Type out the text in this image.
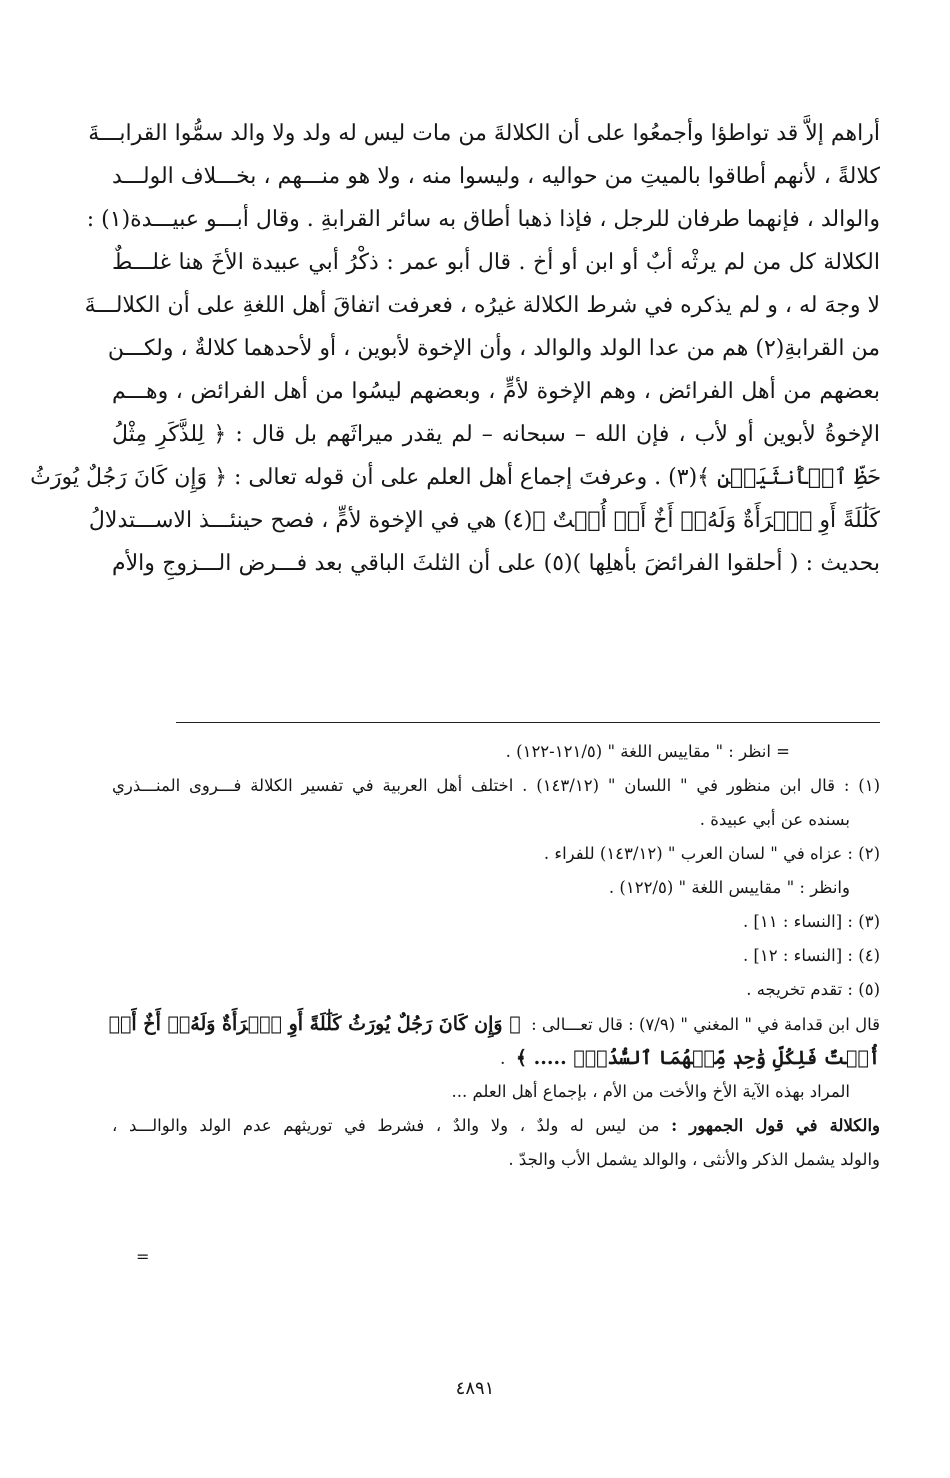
أراهم إلاَّ قد تواطؤا وأجمعُوا على أن الكلالةَ من مات ليس له ولد ولا والد سمُّوا القرابـــةَ
كلالةً ، لأنهم أطاقوا بالميتِ من حواليه ، وليسوا منه ، ولا هو منـــهم ، بخـــلاف الولـــد
والوالد ، فإنهما طرفان للرجل ، فإذا ذهبا أطاق به سائر القرابةِ . وقال أبـــو عبيـــدة(١) :
الكلالة كل من لم يرثْه أبٌ أو ابن أو أخ . قال أبو عمر : ذكْرُ أبي عبيدة الأخَ هنا غلـــطٌ
لا وجهَ له ، و لم يذكره في شرط الكلالة غيرُه ، فعرفت اتفاقَ أهل اللغةِ على أن الكلالـــةَ
من القرابةِ(٢) هم من عدا الولد والوالد ، وأن الإخوة لأبوين ، أو لأحدهما كلالةٌ ، ولكـــن
بعضهم من أهل الفرائض ، وهم الإخوة لأمٍّ ، وبعضهم ليسُوا من أهل الفرائض ، وهـــم
الإخوةُ لأبوين أو لأب ، فإن الله – سبحانه – لم يقدر ميراثَهم بل قال : ﴿ لِلذَّكَرِ مِثْلُ
حَظِّ ٱلۡأُنثَيَيۡنِ ﴾(٣) . وعرفتَ إجماع أهل العلم على أن قوله تعالى : ﴿ وَإِن كَانَ رَجُلٌ يُورَثُ
كَلَٰلَةً أَوِ ٱمۡرَأَةٌ وَلَهُۥٓ أَخٌ أَوۡ أُخۡتٌ ﴾(٤) هي في الإخوة لأمٍّ ، فصح حينئـــذ الاســـتدلالُ
بحديث : ( أحلقوا الفرائضَ بأهلِها )(٥) على أن الثلثَ الباقي بعد فـــرض الـــزوجِ والأم
= انظر : " مقاييس اللغة " (١٢١/٥-١٢٢) .
(١) : قال ابن منظور في " اللسان " (١٤٣/١٢) . اختلف أهل العربية في تفسير الكلالة فـــروى المنـــذري
بسنده عن أبي عبيدة .
(٢) : عزاه في " لسان العرب " (١٤٣/١٢) للفراء .
وانظر : " مقاييس اللغة " (١٢٢/٥) .
(٣) : [النساء : ١١] .
(٤) : [النساء : ١٢] .
(٥) : تقدم تخريجه .
قال ابن قدامة في " المغني " (٧/٩) : قال تعـــالى :  ﴿ وَإِن كَانَ رَجُلٌ يُورَثُ كَلَٰلَةً أَوِ ٱمۡرَأَةٌ وَلَهُۥٓ أَخٌ أَوۡ
أُخۡتٌ فَلِكُلِّ وَٰحِدٖ مِّنۡهُمَا ٱلسُّدُسُۚ ..... ﴾  .
المراد بهذه الآية الأخ والأخت من الأم ، بإجماع أهل العلم ...
والكلالة في قول الجمهور : من ليس له ولدٌ ، ولا والدٌ ، فشرط في توريثهم عدم الولد والوالـــد ،
والولد يشمل الذكر والأنثى ، والوالد يشمل الأب والجدّ .
=
٤٨٩١
